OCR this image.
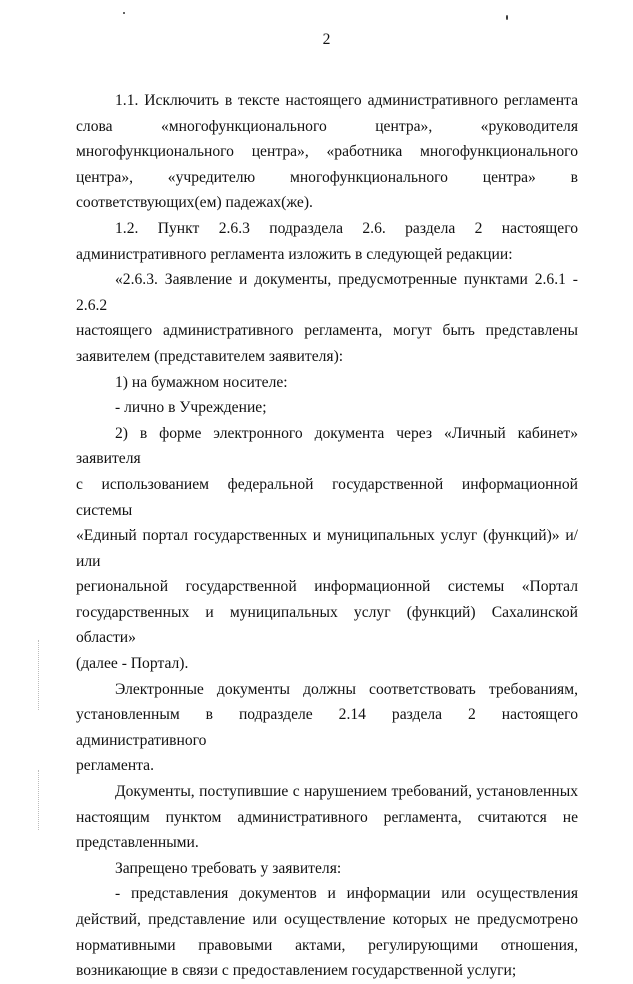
2
1.1. Исключить в тексте настоящего административного регламента
слова «многофункционального центра», «руководителя
многофункционального центра», «работника многофункционального
центра», «учредителю многофункционального центра» в
соответствующих(ем) падежах(же).
1.2. Пункт 2.6.3 подраздела 2.6. раздела 2 настоящего
административного регламента изложить в следующей редакции:
«2.6.3. Заявление и документы, предусмотренные пунктами 2.6.1 - 2.6.2
настоящего административного регламента, могут быть представлены
заявителем (представителем заявителя):
1) на бумажном носителе:
- лично в Учреждение;
2) в форме электронного документа через «Личный кабинет» заявителя
с использованием федеральной государственной информационной системы
«Единый портал государственных и муниципальных услуг (функций)» и/или
региональной государственной информационной системы «Портал
государственных и муниципальных услуг (функций) Сахалинской области»
(далее - Портал).
Электронные документы должны соответствовать требованиям,
установленным в подразделе 2.14 раздела 2 настоящего административного
регламента.
Документы, поступившие с нарушением требований, установленных
настоящим пунктом административного регламента, считаются не
представленными.
Запрещено требовать у заявителя:
- представления документов и информации или осуществления
действий, представление или осуществление которых не предусмотрено
нормативными правовыми актами, регулирующими отношения,
возникающие в связи с предоставлением государственной услуги;
